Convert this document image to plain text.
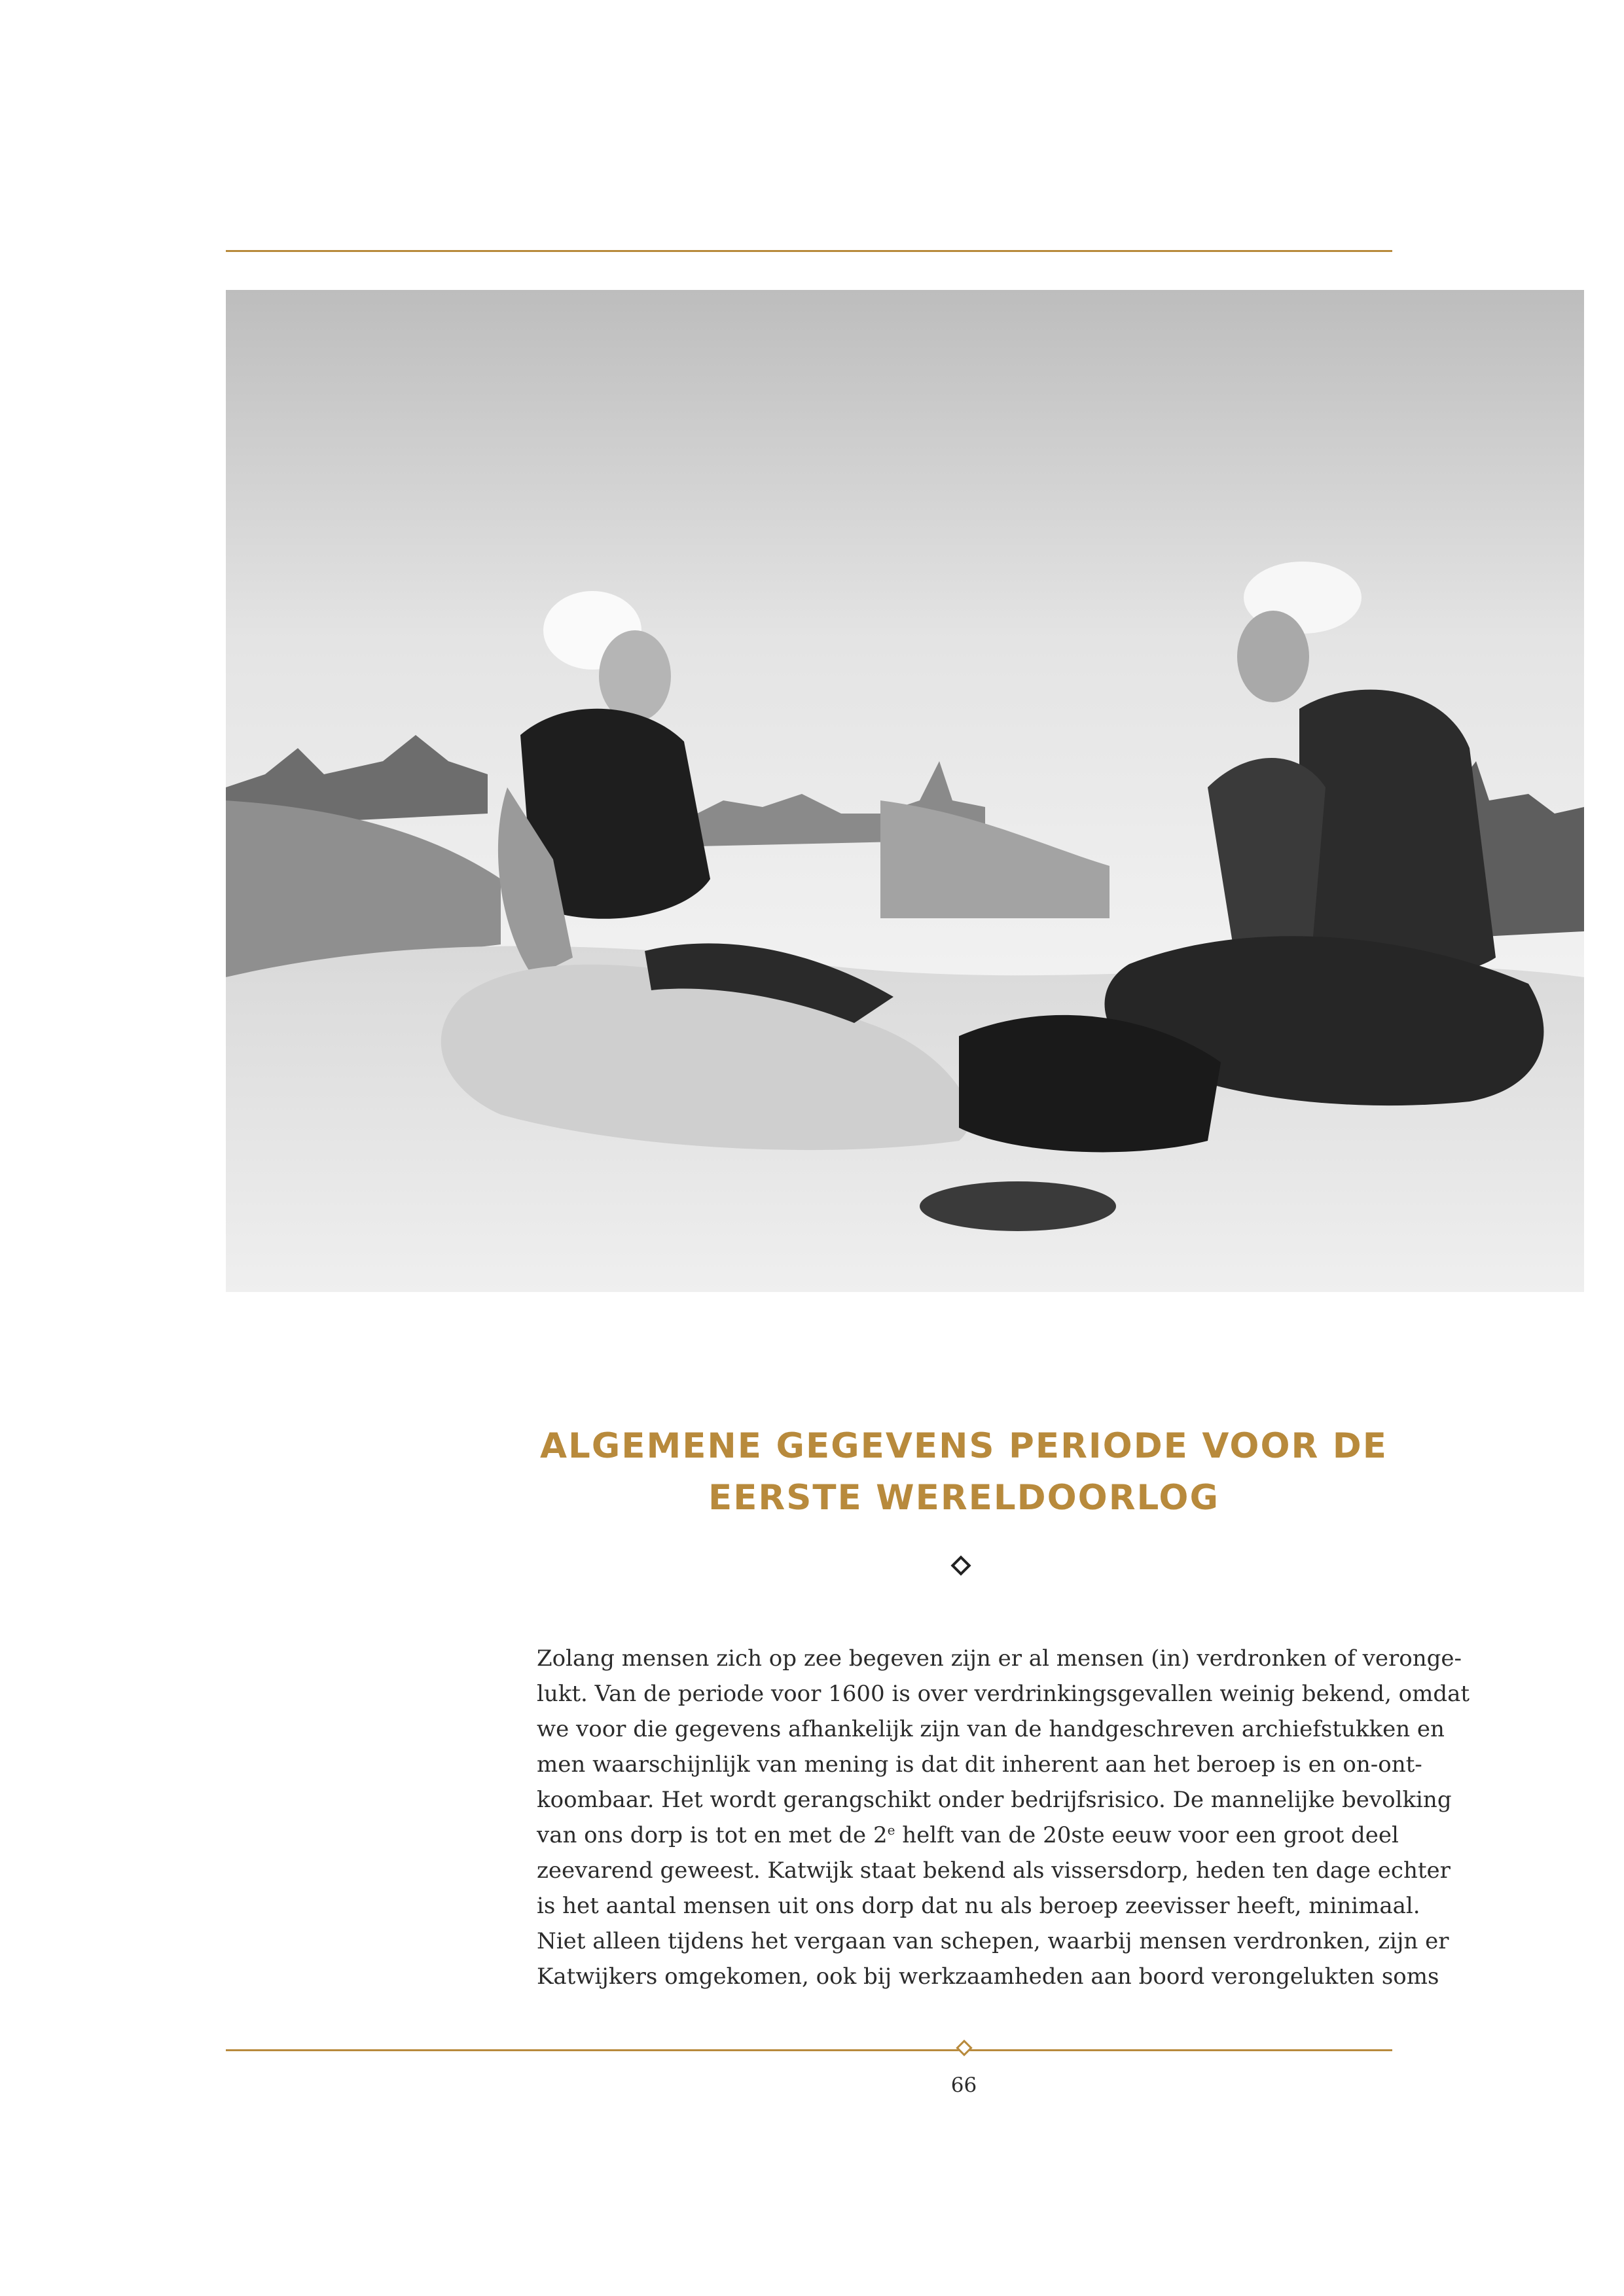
ALGEMENE GEGEVENS PERIODE VOOR DE
EERSTE WERELDOORLOG

Zolang mensen zich op zee begeven zijn er al mensen (in) verdronken of veronge-
lukt. Van de periode voor 1600 is over verdrinkingsgevallen weinig bekend, omdat
we voor die gegevens afhankelijk zijn van de handgeschreven archiefstukken en
men waarschijnlijk van mening is dat dit inherent aan het beroep is en on-ont-
koombaar. Het wordt gerangschikt onder bedrijfsrisico. De mannelijke bevolking
van ons dorp is tot en met de 2e helft van de 20ste eeuw voor een groot deel
zeevarend geweest. Katwijk staat bekend als vissersdorp, heden ten dage echter
is het aantal mensen uit ons dorp dat nu als beroep zeevisser heeft, minimaal.
Niet alleen tijdens het vergaan van schepen, waarbij mensen verdronken, zijn er
Katwijkers omgekomen, ook bij werkzaamheden aan boord verongelukten soms

66
